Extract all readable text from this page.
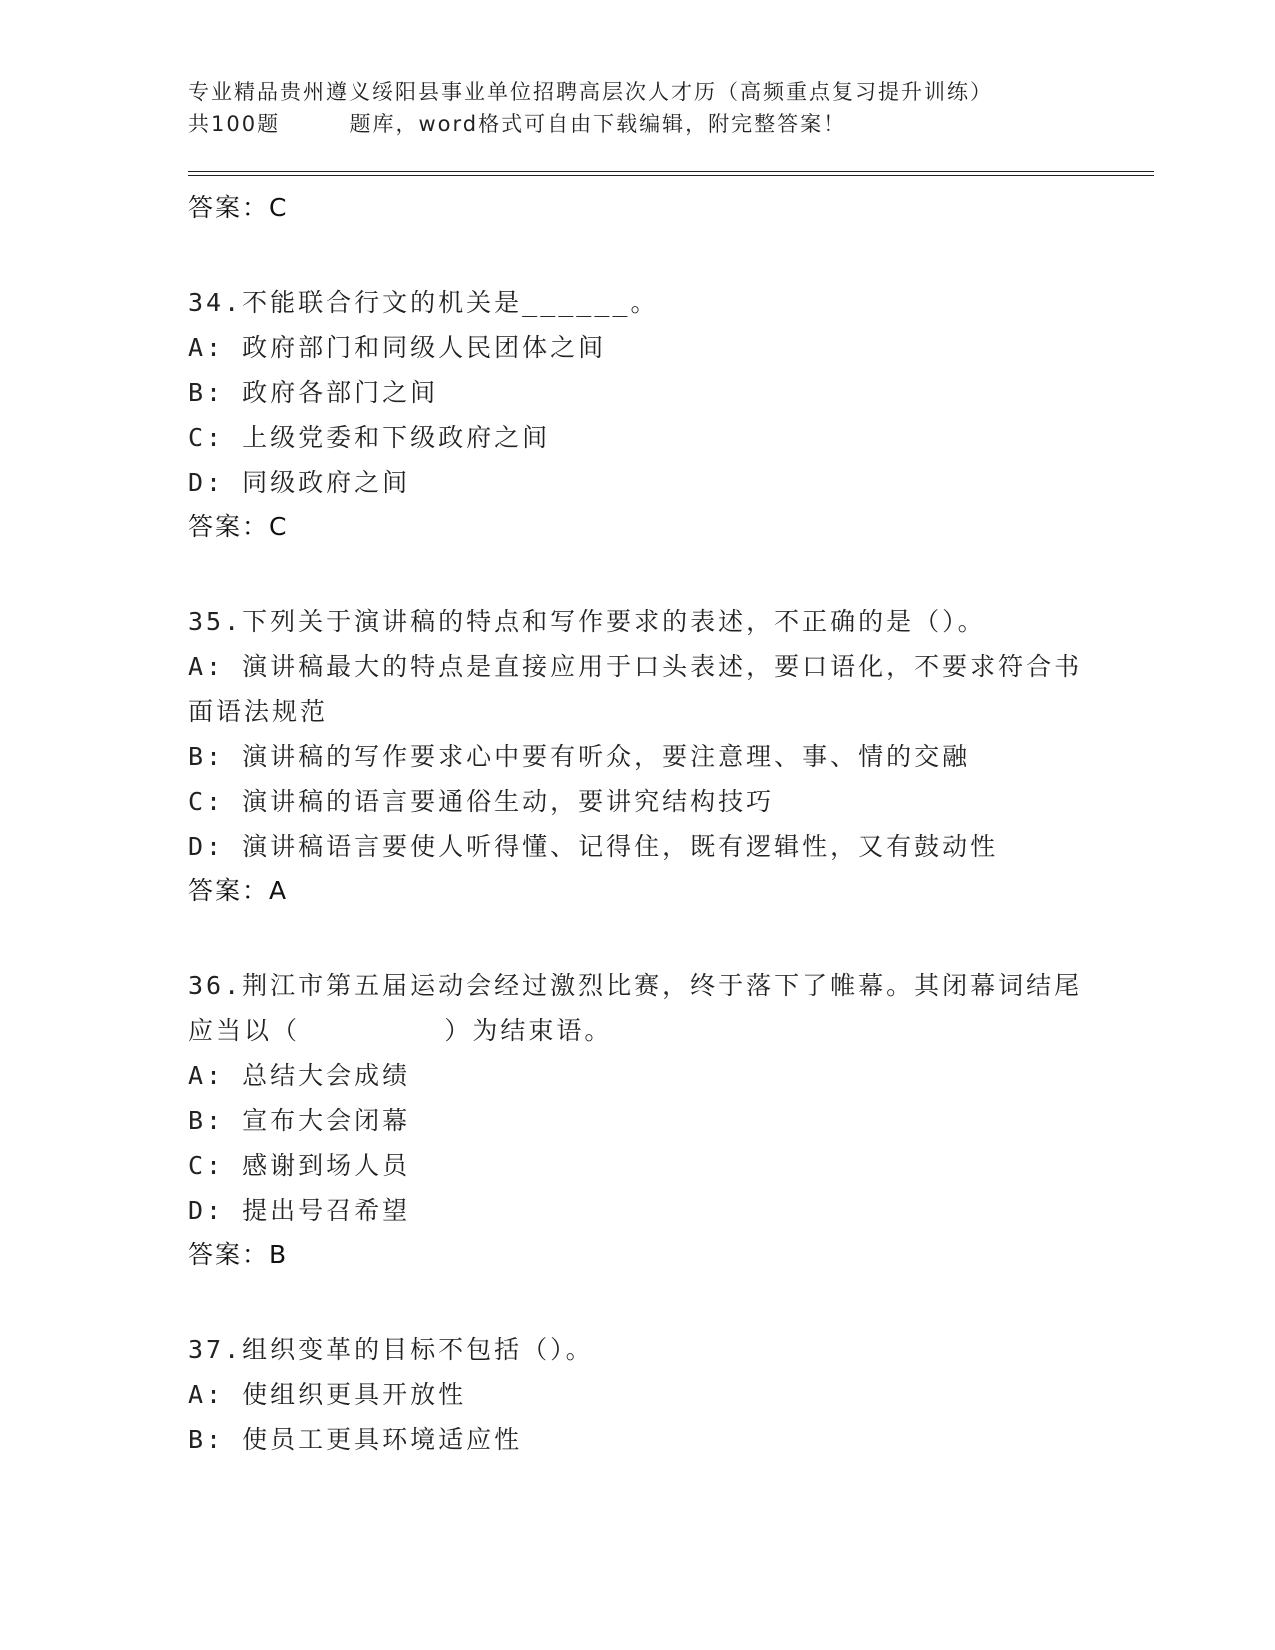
专业精品贵州遵义绥阳县事业单位招聘高层次人才历（高频重点复习提升训练）
共100题        题库，word格式可自由下载编辑，附完整答案！
答案：C
34.不能联合行文的机关是______。
A: 政府部门和同级人民团体之间
B: 政府各部门之间
C: 上级党委和下级政府之间
D: 同级政府之间
答案：C
35.下列关于演讲稿的特点和写作要求的表述，不正确的是（）。
A: 演讲稿最大的特点是直接应用于口头表述，要口语化，不要求符合书面语法规范
B: 演讲稿的写作要求心中要有听众，要注意理、事、情的交融
C: 演讲稿的语言要通俗生动，要讲究结构技巧
D: 演讲稿语言要使人听得懂、记得住，既有逻辑性，又有鼓动性
答案：A
36.荆江市第五届运动会经过激烈比赛，终于落下了帷幕。其闭幕词结尾应当以（        ）为结束语。
A: 总结大会成绩
B: 宣布大会闭幕
C: 感谢到场人员
D: 提出号召希望
答案：B
37.组织变革的目标不包括（）。
A: 使组织更具开放性
B: 使员工更具环境适应性
